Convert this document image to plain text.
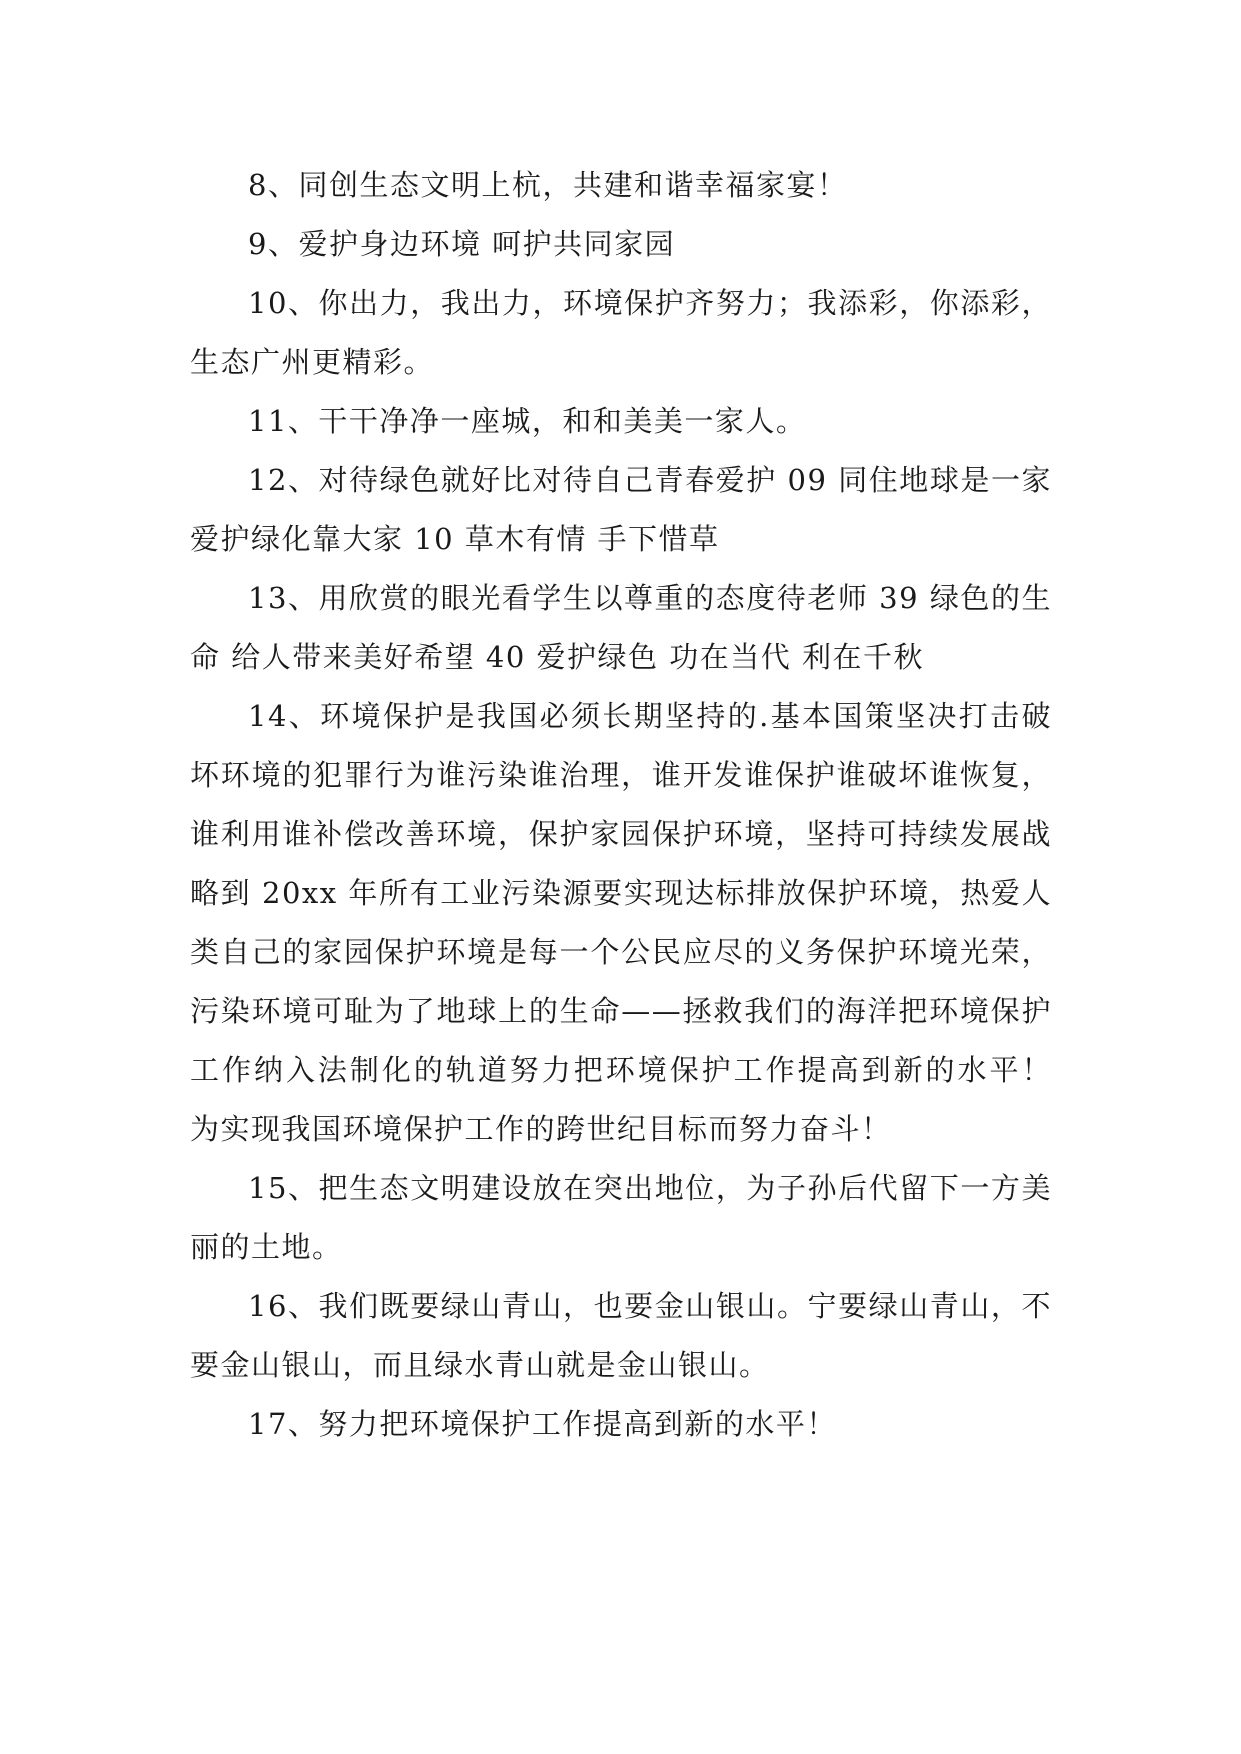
8、同创生态文明上杭，共建和谐幸福家宴！

9、爱护身边环境 呵护共同家园

10、你出力，我出力，环境保护齐努力；我添彩，你添彩，生态广州更精彩。

11、干干净净一座城，和和美美一家人。

12、对待绿色就好比对待自己青春爱护 09 同住地球是一家爱护绿化靠大家 10 草木有情 手下惜草

13、用欣赏的眼光看学生以尊重的态度待老师 39 绿色的生命 给人带来美好希望 40 爱护绿色 功在当代 利在千秋

14、环境保护是我国必须长期坚持的.基本国策坚决打击破坏环境的犯罪行为谁污染谁治理，谁开发谁保护谁破坏谁恢复，谁利用谁补偿改善环境，保护家园保护环境，坚持可持续发展战略到 20xx 年所有工业污染源要实现达标排放保护环境，热爱人类自己的家园保护环境是每一个公民应尽的义务保护环境光荣，污染环境可耻为了地球上的生命——拯救我们的海洋把环境保护工作纳入法制化的轨道努力把环境保护工作提高到新的水平！ 为实现我国环境保护工作的跨世纪目标而努力奋斗！

15、把生态文明建设放在突出地位，为子孙后代留下一方美丽的土地。

16、我们既要绿山青山，也要金山银山。宁要绿山青山，不要金山银山，而且绿水青山就是金山银山。

17、努力把环境保护工作提高到新的水平！
